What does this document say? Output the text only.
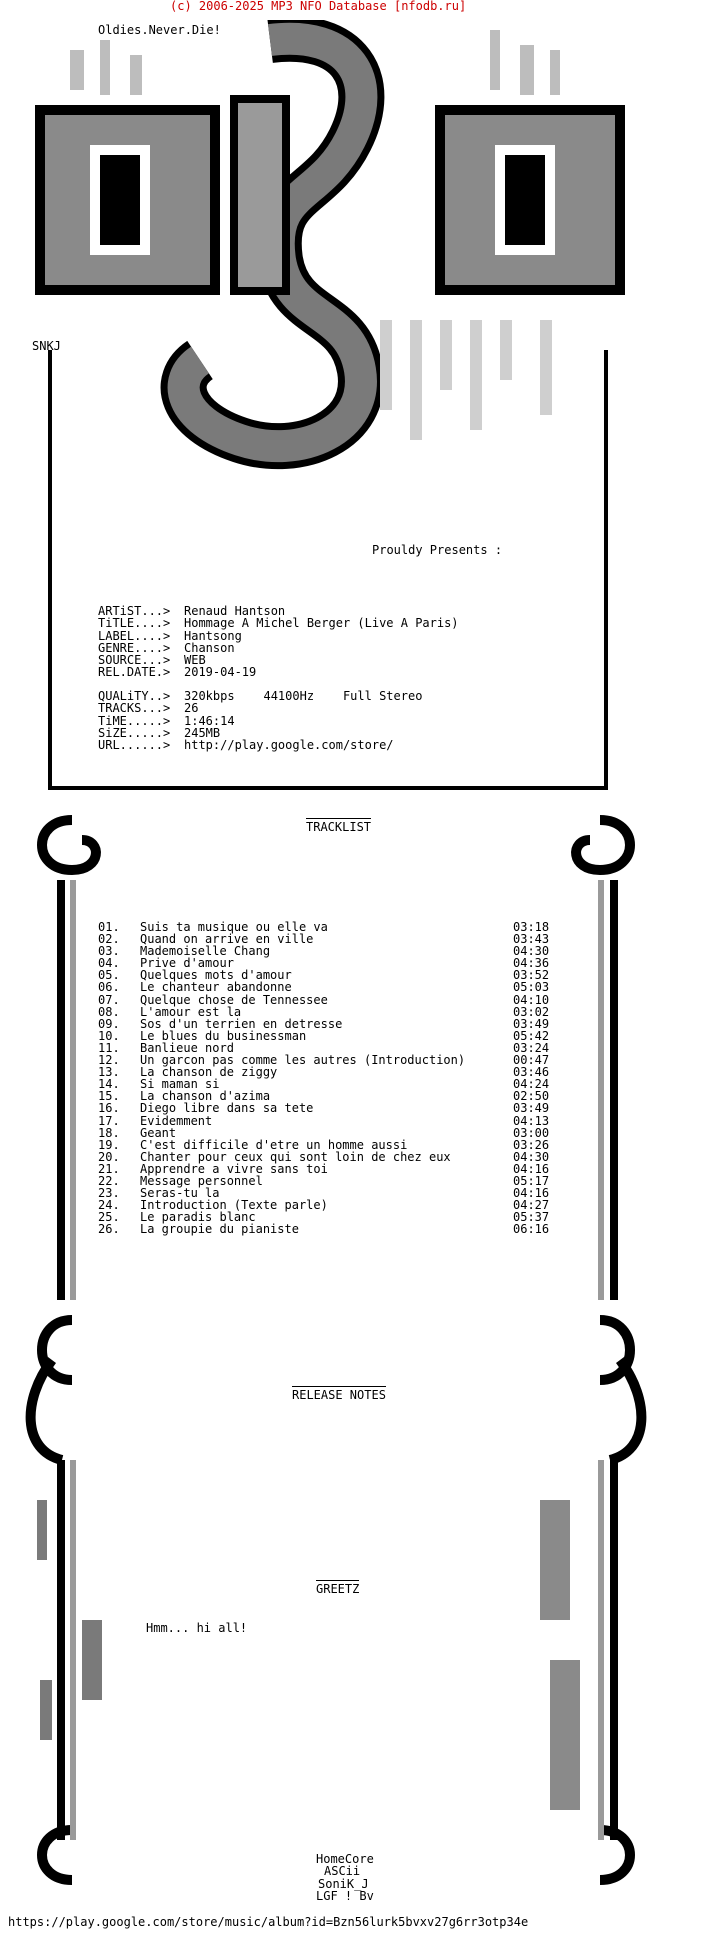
(c) 2006-2025 MP3 NFO Database [nfodb.ru]
Oldies.Never.Die!
SNKJ
Prouldy Presents :
ARTiST...> Renaud Hantson
TiTLE....> Hommage A Michel Berger (Live A Paris)
LABEL....> Hantsong
GENRE....> Chanson
SOURCE...> WEB
REL.DATE.> 2019-04-19
QUALiTY..> 320kbps    44100Hz    Full Stereo
TRACKS...> 26
TiME.....> 1:46:14
SiZE.....> 245MB
URL......> http://play.google.com/store/
TRACKLIST
01. Suis ta musique ou elle va	03:18
02. Quand on arrive en ville	03:43
03. Mademoiselle Chang	04:30
04. Prive d'amour	04:36
05. Quelques mots d'amour	03:52
06. Le chanteur abandonne	05:03
07. Quelque chose de Tennessee	04:10
08. L'amour est la	03:02
09. Sos d'un terrien en detresse	03:49
10. Le blues du businessman	05:42
11. Banlieue nord	03:24
12. Un garcon pas comme les autres (Introduction)	00:47
13. La chanson de ziggy	03:46
14. Si maman si	04:24
15. La chanson d'azima	02:50
16. Diego libre dans sa tete	03:49
17. Evidemment	04:13
18. Geant	03:00
19. C'est difficile d'etre un homme aussi	03:26
20. Chanter pour ceux qui sont loin de chez eux	04:30
21. Apprendre a vivre sans toi	04:16
22. Message personnel	05:17
23. Seras-tu la	04:16
24. Introduction (Texte parle)	04:27
25. Le paradis blanc	05:37
26. La groupie du pianiste	06:16
RELEASE NOTES
GREETZ
Hmm... hi all!
HomeCore
ASCii
SoniK_J
LGF ! Bv
https://play.google.com/store/music/album?id=Bzn56lurk5bvxv27g6rr3otp34e
